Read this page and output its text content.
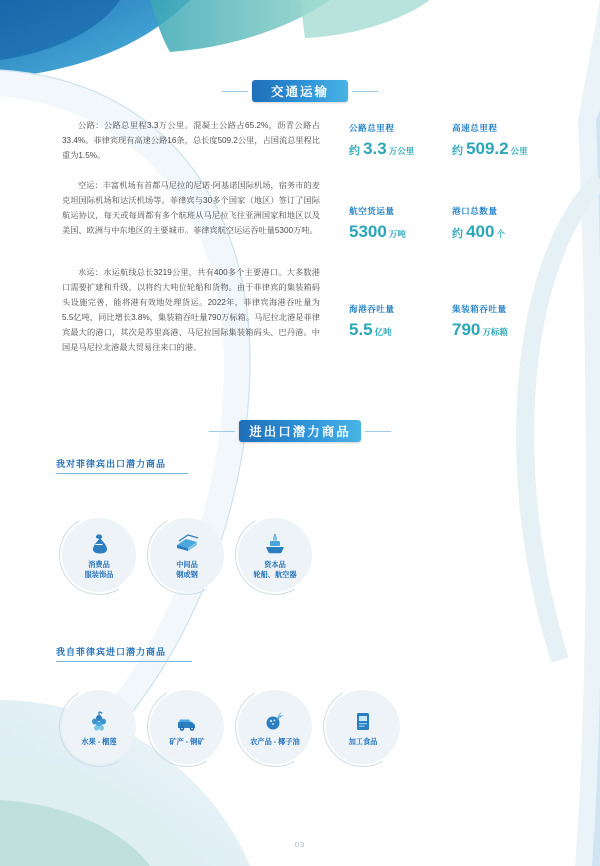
交通运输
公路：公路总里程3.3万公里。混凝土公路占65.2%，沥青公路占33.4%。菲律宾现有高速公路16条，总长度509.2公里，占国流总里程比重为1.5%。
空运：丰富机场有首都马尼拉的尼诺·阿基诺国际机场，宿务市的麦克坦国际机场和达沃机场等。菲律宾与30多个国家（地区）签订了国际航运协议，每天或每周都有多个航班从马尼拉飞往亚洲国家和地区以及美国、欧洲与中东地区的主要城市。菲律宾航空运运吞吐量5300万吨。
水运：水运航线总长3219公里，共有400多个主要港口。大多数港口需要扩建和升级，以将约大吨位轮船和货物。由于菲律宾的集装箱码头设施完善，能将港有效地处理货运。2022年，菲律宾海港吞吐量为5.5亿吨，同比增长3.8%，集装箱吞吐量790万标箱。马尼拉北港是菲律宾最大的港口，其次是苏里高港、马尼拉国际集装箱码头、巴丹港。中国是马尼拉北港最大贸易往来口的港。
公路总里程
约 3.3 万公里
高速总里程
约 509.2 公里
航空货运量
5300 万吨
港口总数量
约 400 个
海港吞吐量
5.5 亿吨
集装箱吞吐量
790 万标箱
进出口潜力商品
我对菲律宾出口潜力商品
消费品
服装饰品
中间品
钢或钢
资本品
轮船、航空器
我自菲律宾进口潜力商品
水果 - 榴莲	矿产 - 铜矿	农产品 - 椰子油	加工食品
03
